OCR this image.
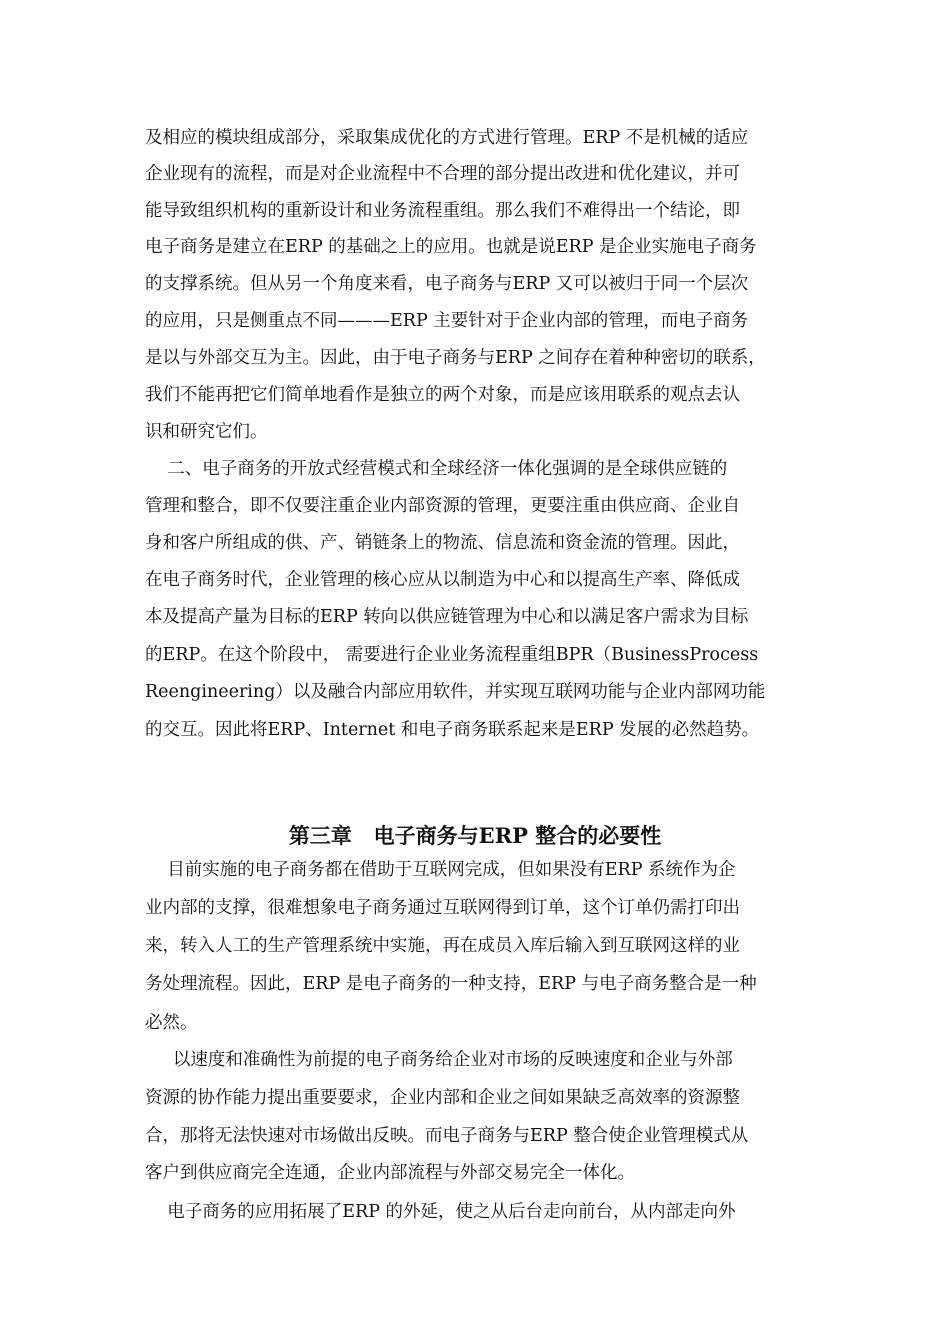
及相应的模块组成部分，采取集成优化的方式进行管理。ERP 不是机械的适应
企业现有的流程，而是对企业流程中不合理的部分提出改进和优化建议，并可
能导致组织机构的重新设计和业务流程重组。那么我们不难得出一个结论，即
电子商务是建立在ERP 的基础之上的应用。也就是说ERP 是企业实施电子商务
的支撑系统。但从另一个角度来看，电子商务与ERP 又可以被归于同一个层次
的应用，只是侧重点不同———ERP 主要针对于企业内部的管理，而电子商务
是以与外部交互为主。因此，由于电子商务与ERP 之间存在着种种密切的联系，
我们不能再把它们简单地看作是独立的两个对象，而是应该用联系的观点去认
识和研究它们。
二、电子商务的开放式经营模式和全球经济一体化强调的是全球供应链的
管理和整合，即不仅要注重企业内部资源的管理，更要注重由供应商、企业自
身和客户所组成的供、产、销链条上的物流、信息流和资金流的管理。因此，
在电子商务时代，企业管理的核心应从以制造为中心和以提高生产率、降低成
本及提高产量为目标的ERP 转向以供应链管理为中心和以满足客户需求为目标
的ERP。在这个阶段中， 需要进行企业业务流程重组BPR（BusinessProcess
Reengineering）以及融合内部应用软件，并实现互联网功能与企业内部网功能
的交互。因此将ERP、Internet 和电子商务联系起来是ERP 发展的必然趋势。
第三章   电子商务与ERP 整合的必要性
目前实施的电子商务都在借助于互联网完成，但如果没有ERP 系统作为企
业内部的支撑，很难想象电子商务通过互联网得到订单，这个订单仍需打印出
来，转入人工的生产管理系统中实施，再在成员入库后输入到互联网这样的业
务处理流程。因此，ERP 是电子商务的一种支持，ERP 与电子商务整合是一种
必然。
以速度和准确性为前提的电子商务给企业对市场的反映速度和企业与外部
资源的协作能力提出重要要求，企业内部和企业之间如果缺乏高效率的资源整
合，那将无法快速对市场做出反映。而电子商务与ERP 整合使企业管理模式从
客户到供应商完全连通，企业内部流程与外部交易完全一体化。
电子商务的应用拓展了ERP 的外延，使之从后台走向前台，从内部走向外
